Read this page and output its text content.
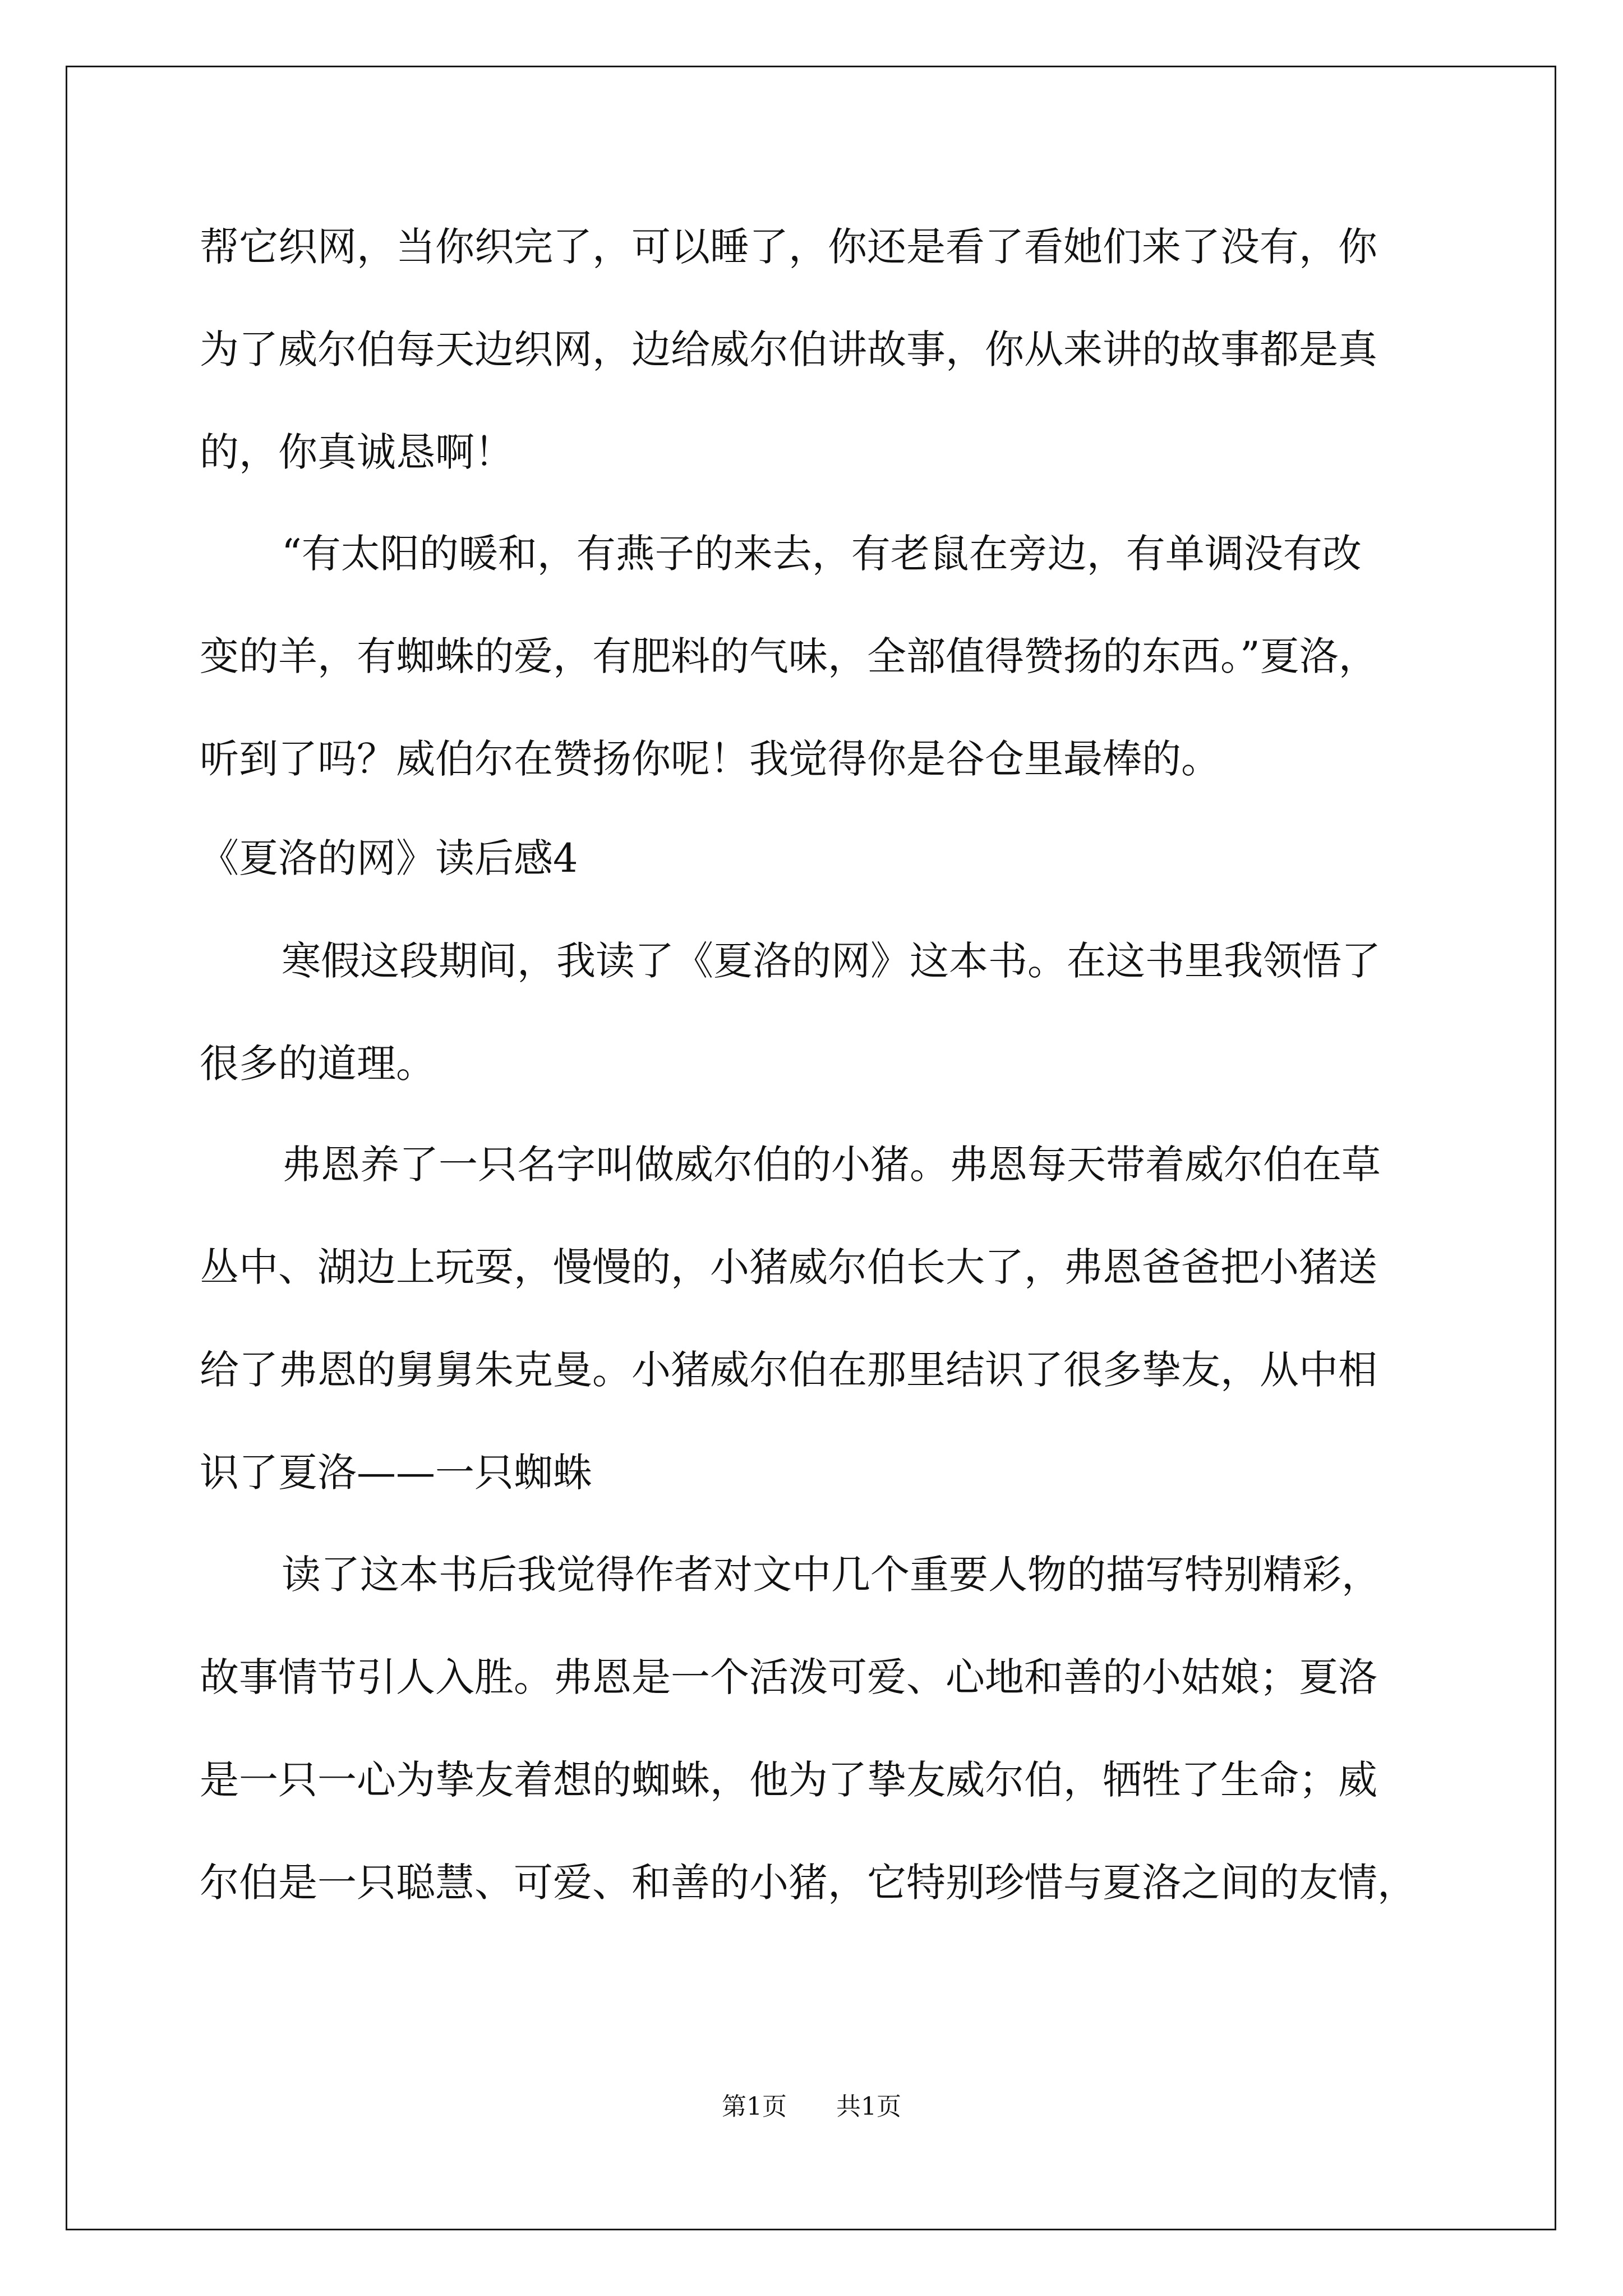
帮它织网，当你织完了，可以睡了，你还是看了看她们来了没有，你
为了威尔伯每天边织网，边给威尔伯讲故事，你从来讲的故事都是真
的，你真诚恳啊！
“有太阳的暖和，有燕子的来去，有老鼠在旁边，有单调没有改
变的羊，有蜘蛛的爱，有肥料的气味，全部值得赞扬的东西。”夏洛，
听到了吗？威伯尔在赞扬你呢！我觉得你是谷仓里最棒的。
《夏洛的网》读后感4
寒假这段期间，我读了《夏洛的网》这本书。在这书里我领悟了
很多的道理。
弗恩养了一只名字叫做威尔伯的小猪。弗恩每天带着威尔伯在草
丛中、湖边上玩耍，慢慢的，小猪威尔伯长大了，弗恩爸爸把小猪送
给了弗恩的舅舅朱克曼。小猪威尔伯在那里结识了很多挚友，从中相
识了夏洛——一只蜘蛛
读了这本书后我觉得作者对文中几个重要人物的描写特别精彩，
故事情节引人入胜。弗恩是一个活泼可爱、心地和善的小姑娘；夏洛
是一只一心为挚友着想的蜘蛛，他为了挚友威尔伯，牺牲了生命；威
尔伯是一只聪慧、可爱、和善的小猪，它特别珍惜与夏洛之间的友情，
第1页 共1页
